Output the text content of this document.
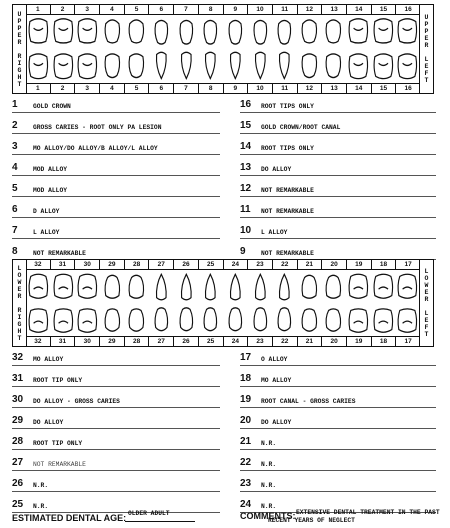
U
P
P
E
R

R
I
G
H
T
U
P
P
E
R

L
E
F
T
1	2	3	4	5	6	7	8	9	10	11	12	13	14	15	16
1	2	3	4	5	6	7	8	9	10	11	12	13	14	15	16
1	GOLD CROWN
2	GROSS CARIES - ROOT ONLY PA LESION
3	MO ALLOY/DO ALLOY/B ALLOY/L ALLOY
4	MOD ALLOY
5	MOD ALLOY
6	D ALLOY
7	L ALLOY
8	NOT REMARKABLE
16	ROOT TIPS ONLY
15	GOLD CROWN/ROOT CANAL
14	ROOT TIPS ONLY
13	DO ALLOY
12	NOT REMARKABLE
11	NOT REMARKABLE
10	L ALLOY
9	NOT REMARKABLE
L
O
W
E
R

R
I
G
H
T
L
O
W
E
R

L
E
F
T
32	31	30	29	28	27	26	25	24	23	22	21	20	19	18	17
32	31	30	29	28	27	26	25	24	23	22	21	20	19	18	17
32	MO ALLOY
31	ROOT TIP ONLY
30	DO ALLOY - GROSS CARIES
29	DO ALLOY
28	ROOT TIP ONLY
27	NOT REMARKABLE
26	N.R.
25	N.R.
17	O ALLOY
18	MO ALLOY
19	ROOT CANAL - GROSS CARIES
20	DO ALLOY
21	N.R.
22	N.R.
23	N.R.
24	N.R.
ESTIMATED DENTAL AGE: OLDER ADULT	COMMENTS: EXTENSIVE DENTAL TREATMENT IN THE PAST
RECENT YEARS OF NEGLECT
